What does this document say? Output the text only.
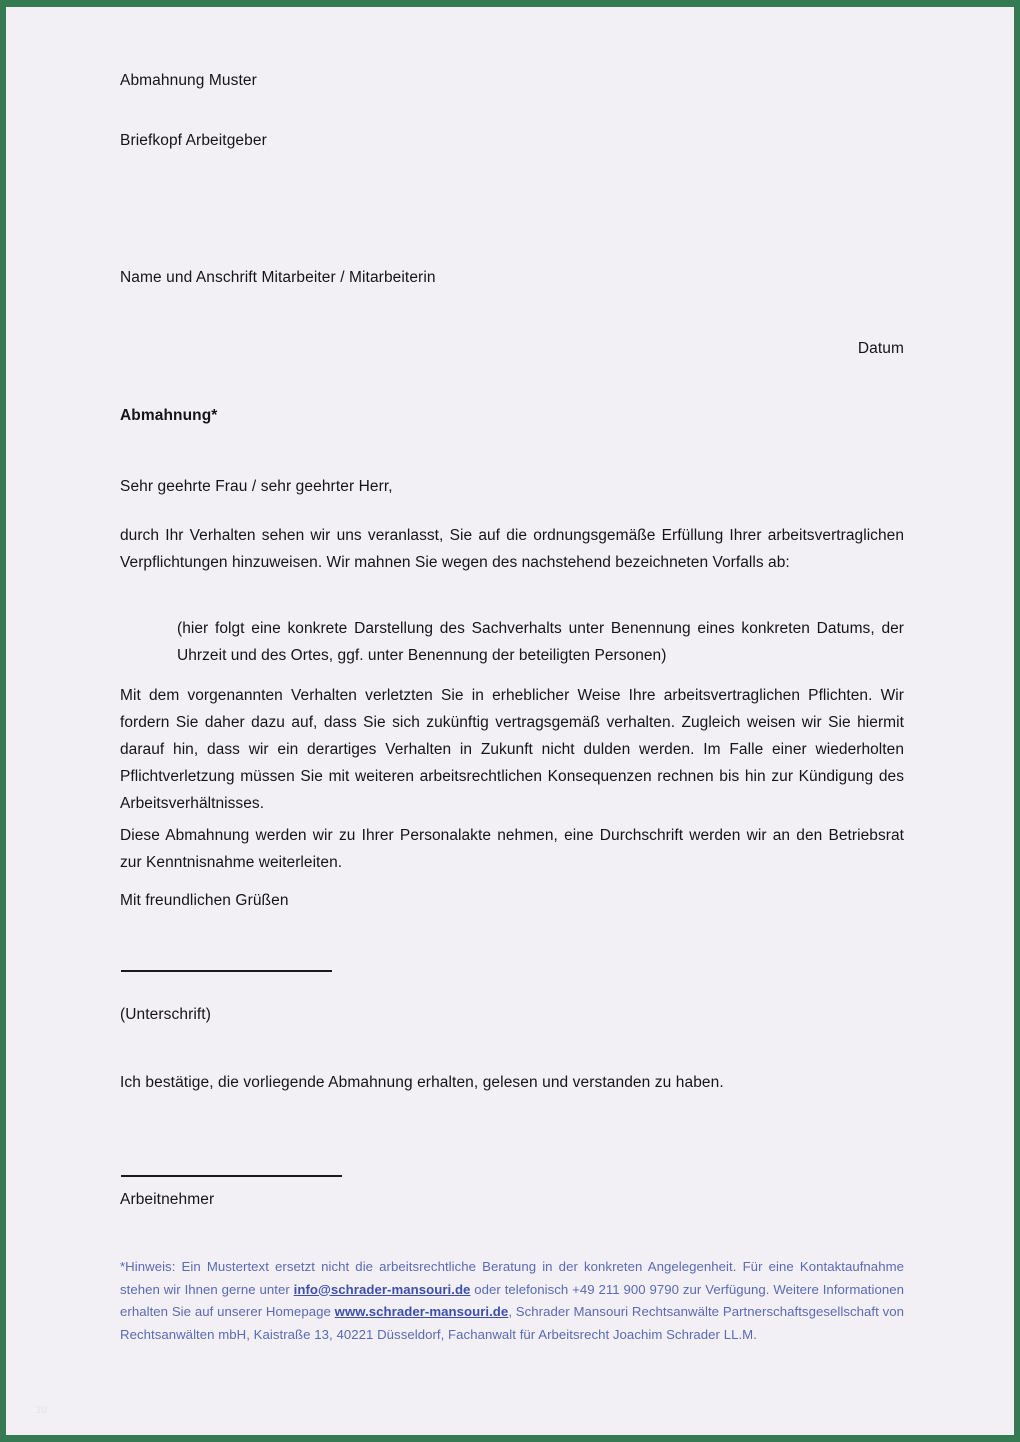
Abmahnung Muster
Briefkopf Arbeitgeber
Name und Anschrift Mitarbeiter / Mitarbeiterin
Datum
Abmahnung*
Sehr geehrte Frau / sehr geehrter Herr,
durch Ihr Verhalten sehen wir uns veranlasst, Sie auf die ordnungsgemäße Erfüllung Ihrer arbeitsvertraglichen Verpflichtungen hinzuweisen. Wir mahnen Sie wegen des nachstehend bezeichneten Vorfalls ab:
(hier folgt eine konkrete Darstellung des Sachverhalts unter Benennung eines konkreten Datums, der Uhrzeit und des Ortes, ggf. unter Benennung der beteiligten Personen)
Mit dem vorgenannten Verhalten verletzten Sie in erheblicher Weise Ihre arbeitsvertraglichen Pflichten. Wir fordern Sie daher dazu auf, dass Sie sich zukünftig vertragsgemäß verhalten. Zugleich weisen wir Sie hiermit darauf hin, dass wir ein derartiges Verhalten in Zukunft nicht dulden werden. Im Falle einer wiederholten Pflichtverletzung müssen Sie mit weiteren arbeitsrechtlichen Konsequenzen rechnen bis hin zur Kündigung des Arbeitsverhältnisses.
Diese Abmahnung werden wir zu Ihrer Personalakte nehmen, eine Durchschrift werden wir an den Betriebsrat zur Kenntnisnahme weiterleiten.
Mit freundlichen Grüßen
(Unterschrift)
Ich bestätige, die vorliegende Abmahnung erhalten, gelesen und verstanden zu haben.
Arbeitnehmer
*Hinweis: Ein Mustertext ersetzt nicht die arbeitsrechtliche Beratung in der konkreten Angelegenheit. Für eine Kontaktaufnahme stehen wir Ihnen gerne unter info@schrader-mansouri.de oder telefonisch +49 211 900 9790 zur Verfügung. Weitere Informationen erhalten Sie auf unserer Homepage www.schrader-mansouri.de, Schrader Mansouri Rechtsanwälte Partnerschaftsgesellschaft von Rechtsanwälten mbH, Kaistraße 13, 40221 Düsseldorf, Fachanwalt für Arbeitsrecht Joachim Schrader LL.M.
20
